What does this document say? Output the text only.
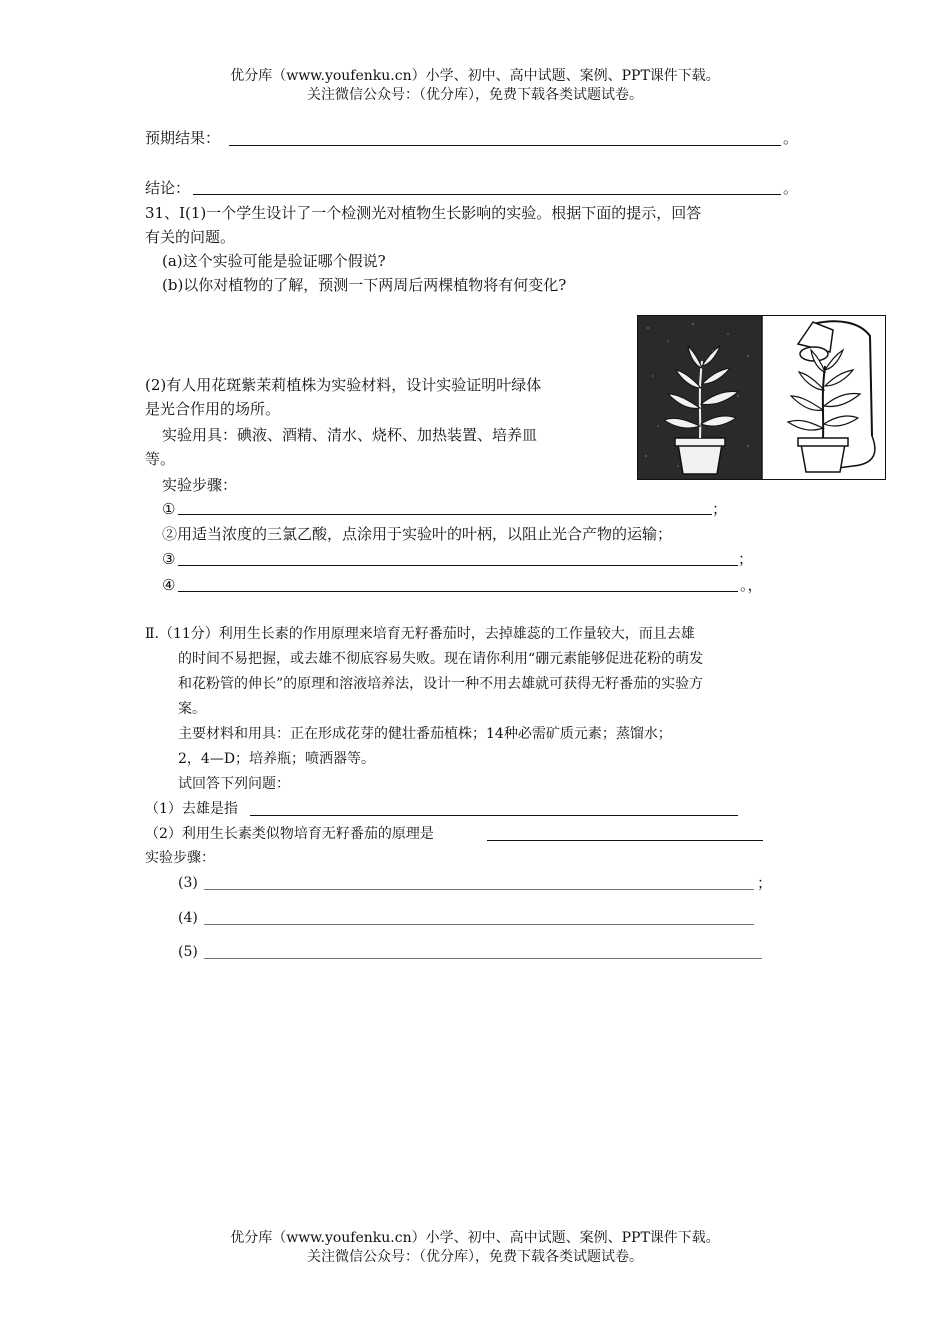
优分库（www.youfenku.cn）小学、初中、高中试题、案例、PPT课件下载。
关注微信公众号：（优分库），免费下载各类试题试卷。
预期结果：	。
结论：	。
31、Ⅰ(1)一个学生设计了一个检测光对植物生长影响的实验。根据下面的提示，回答
有关的问题。
(a)这个实验可能是验证哪个假说?
(b)以你对植物的了解，预测一下两周后两棵植物将有何变化?
(2)有人用花斑紫茉莉植株为实验材料，设计实验证明叶绿体
是光合作用的场所。
实验用具：碘液、酒精、清水、烧杯、加热装置、培养皿
等。
实验步骤：
①	；
②用适当浓度的三氯乙酸，点涂用于实验叶的叶柄，以阻止光合产物的运输；
③	；
④	。，
Ⅱ.（11分）利用生长素的作用原理来培育无籽番茄时，去掉雄蕊的工作量较大，而且去雄
的时间不易把握，或去雄不彻底容易失败。现在请你利用“硼元素能够促进花粉的萌发
和花粉管的伸长”的原理和溶液培养法，设计一种不用去雄就可获得无籽番茄的实验方
案。
主要材料和用具：正在形成花芽的健壮番茄植株；14种必需矿质元素；蒸馏水；
2，4—D；培养瓶；喷洒器等。
试回答下列问题：
（1）去雄是指
（2）利用生长素类似物培育无籽番茄的原理是
实验步骤：
(3)	；
(4)
(5)
优分库（www.youfenku.cn）小学、初中、高中试题、案例、PPT课件下载。
关注微信公众号：（优分库），免费下载各类试题试卷。
